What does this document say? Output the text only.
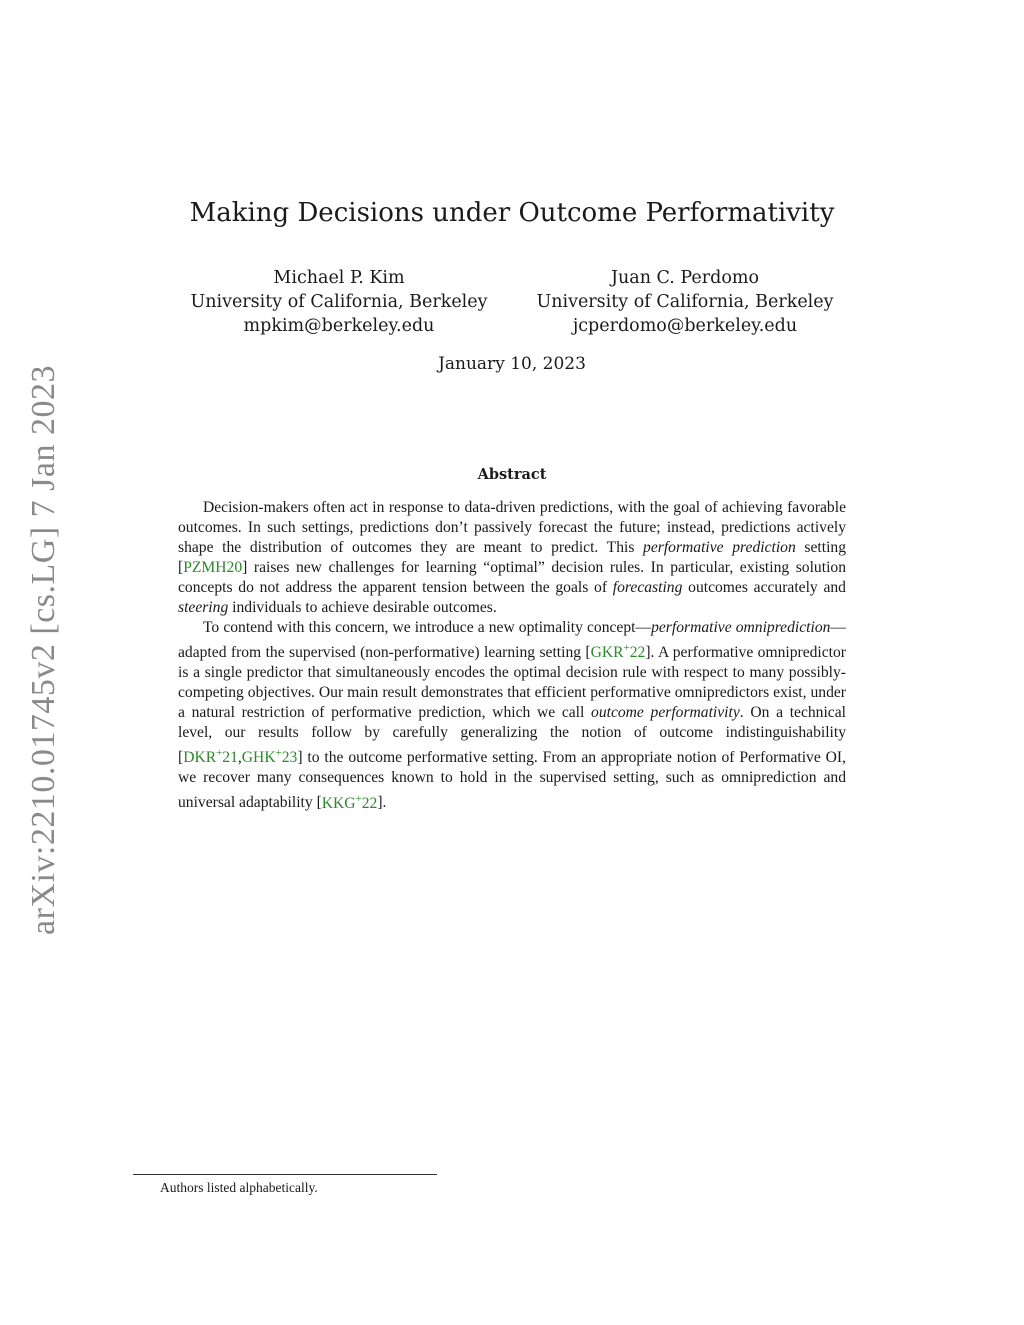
arXiv:2210.01745v2 [cs.LG] 7 Jan 2023
Making Decisions under Outcome Performativity
Michael P. Kim
University of California, Berkeley
mpkim@berkeley.edu
Juan C. Perdomo
University of California, Berkeley
jcperdomo@berkeley.edu
January 10, 2023
Abstract

Decision-makers often act in response to data-driven predictions, with the goal of achieving favorable outcomes. In such settings, predictions don’t passively forecast the future; instead, predictions actively shape the distribution of outcomes they are meant to predict. This performative prediction setting [PZMH20] raises new challenges for learning “optimal” decision rules. In particular, existing solution concepts do not address the apparent tension between the goals of forecasting outcomes accurately and steering individuals to achieve desirable outcomes.

To contend with this concern, we introduce a new optimality concept—performative omniprediction—adapted from the supervised (non-performative) learning setting [GKR+22]. A performative omnipredictor is a single predictor that simultaneously encodes the optimal decision rule with respect to many possibly-competing objectives. Our main result demonstrates that efficient performative omnipredictors exist, under a natural restriction of performative prediction, which we call outcome performativity. On a technical level, our results follow by carefully generalizing the notion of outcome indistinguishability [DKR+21,GHK+23] to the outcome performative setting. From an appropriate notion of Performative OI, we recover many consequences known to hold in the supervised setting, such as omniprediction and universal adaptability [KKG+22].

Authors listed alphabetically.
